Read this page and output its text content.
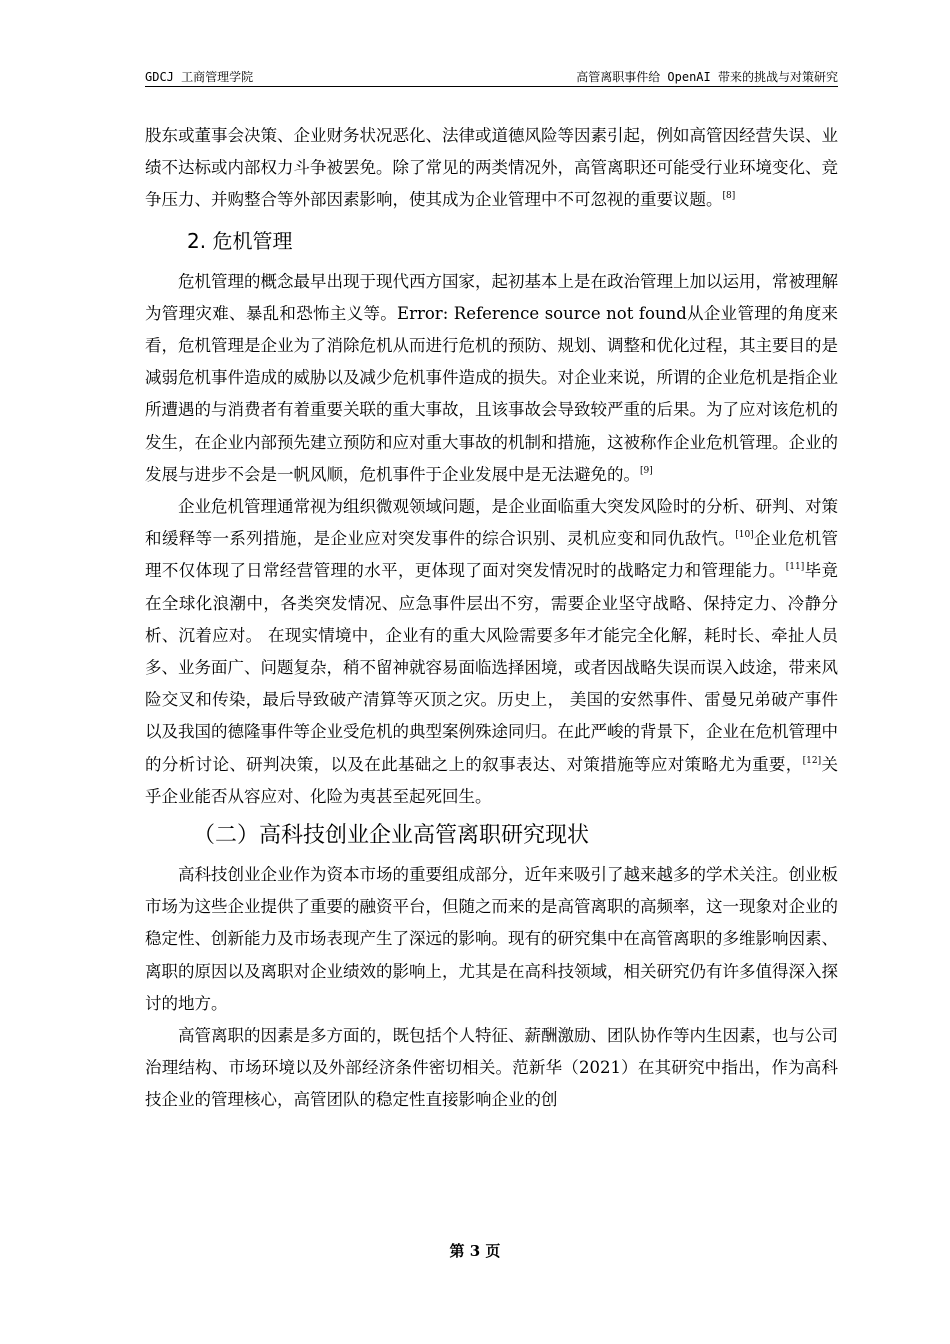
GDCJ 工商管理学院	高管离职事件给 OpenAI 带来的挑战与对策研究

股东或董事会决策、企业财务状况恶化、法律或道德风险等因素引起，例如高管因经营失误、业绩不达标或内部权力斗争被罢免。除了常见的两类情况外，高管离职还可能受行业环境变化、竞争压力、并购整合等外部因素影响，使其成为企业管理中不可忽视的重要议题。[8]

2. 危机管理

危机管理的概念最早出现于现代西方国家，起初基本上是在政治管理上加以运用，常被理解为管理灾难、暴乱和恐怖主义等。Error: Reference source not found从企业管理的角度来看，危机管理是企业为了消除危机从而进行危机的预防、规划、调整和优化过程，其主要目的是减弱危机事件造成的威胁以及减少危机事件造成的损失。对企业来说，所谓的企业危机是指企业所遭遇的与消费者有着重要关联的重大事故，且该事故会导致较严重的后果。为了应对该危机的发生，在企业内部预先建立预防和应对重大事故的机制和措施，这被称作企业危机管理。企业的发展与进步不会是一帆风顺，危机事件于企业发展中是无法避免的。[9]

企业危机管理通常视为组织微观领域问题，是企业面临重大突发风险时的分析、研判、对策和缓释等一系列措施，是企业应对突发事件的综合识别、灵机应变和同仇敌忾。[10]企业危机管理不仅体现了日常经营管理的水平，更体现了面对突发情况时的战略定力和管理能力。[11]毕竟在全球化浪潮中，各类突发情况、应急事件层出不穷，需要企业坚守战略、保持定力、冷静分析、沉着应对。 在现实情境中，企业有的重大风险需要多年才能完全化解，耗时长、牵扯人员多、业务面广、问题复杂，稍不留神就容易面临选择困境，或者因战略失误而误入歧途，带来风险交叉和传染，最后导致破产清算等灭顶之灾。历史上， 美国的安然事件、雷曼兄弟破产事件以及我国的德隆事件等企业受危机的典型案例殊途同归。在此严峻的背景下，企业在危机管理中的分析讨论、研判决策，以及在此基础之上的叙事表达、对策措施等应对策略尤为重要，[12]关乎企业能否从容应对、化险为夷甚至起死回生。

（二）高科技创业企业高管离职研究现状

高科技创业企业作为资本市场的重要组成部分，近年来吸引了越来越多的学术关注。创业板市场为这些企业提供了重要的融资平台，但随之而来的是高管离职的高频率，这一现象对企业的稳定性、创新能力及市场表现产生了深远的影响。现有的研究集中在高管离职的多维影响因素、离职的原因以及离职对企业绩效的影响上，尤其是在高科技领域，相关研究仍有许多值得深入探讨的地方。

高管离职的因素是多方面的，既包括个人特征、薪酬激励、团队协作等内生因素，也与公司治理结构、市场环境以及外部经济条件密切相关。范新华（2021）在其研究中指出，作为高科技企业的管理核心，高管团队的稳定性直接影响企业的创

第 3 页
